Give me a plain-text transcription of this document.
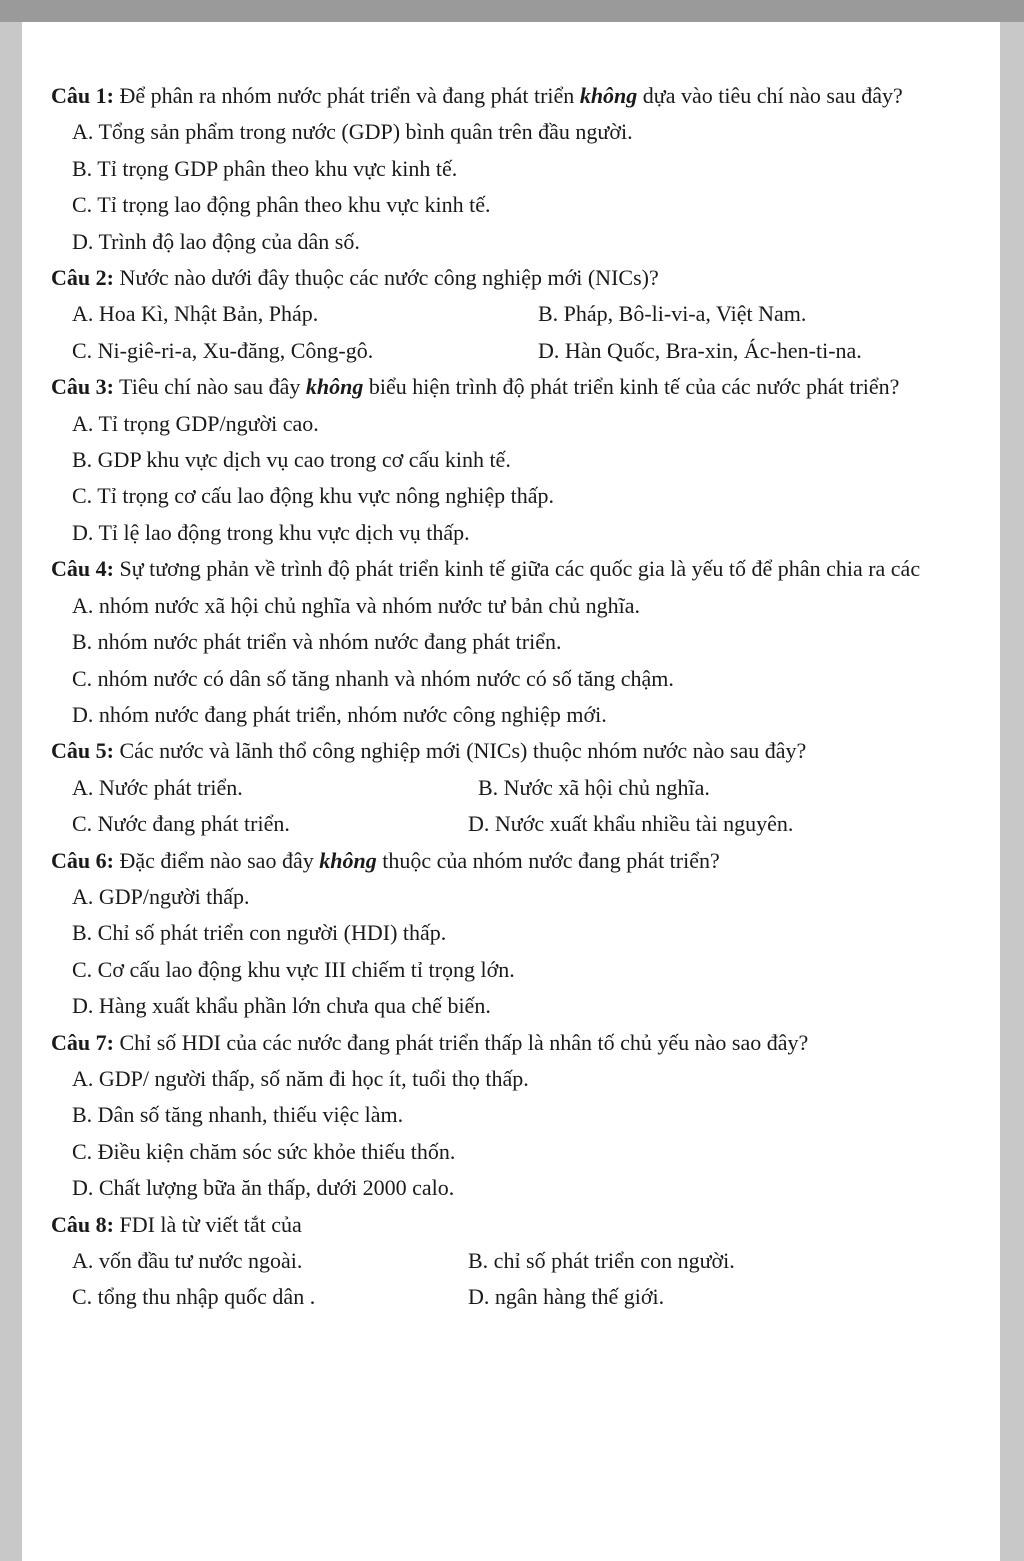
Câu 1: Để phân ra nhóm nước phát triển và đang phát triển không dựa vào tiêu chí nào sau đây?

A. Tổng sản phẩm trong nước (GDP) bình quân trên đầu người.

B. Tỉ trọng GDP phân theo khu vực kinh tế.

C. Tỉ trọng lao động phân theo khu vực kinh tế.

D. Trình độ lao động của dân số.

Câu 2: Nước nào dưới đây thuộc các nước công nghiệp mới (NICs)?

A. Hoa Kì, Nhật Bản, Pháp.	B. Pháp, Bô-li-vi-a, Việt Nam.
C. Ni-giê-ri-a, Xu-đăng, Công-gô.	D. Hàn Quốc, Bra-xin, Ác-hen-ti-na.

Câu 3: Tiêu chí nào sau đây không biểu hiện trình độ phát triển kinh tế của các nước phát triển?

A. Tỉ trọng GDP/người cao.

B. GDP khu vực dịch vụ cao trong cơ cấu kinh tế.

C. Tỉ trọng cơ cấu lao động khu vực nông nghiệp thấp.

D. Tỉ lệ lao động trong khu vực dịch vụ thấp.

Câu 4: Sự tương phản về trình độ phát triển kinh tế giữa các quốc gia là yếu tố để phân chia ra các

A. nhóm nước xã hội chủ nghĩa và nhóm nước tư bản chủ nghĩa.

B. nhóm nước phát triển và nhóm nước đang phát triển.

C. nhóm nước có dân số tăng nhanh và nhóm nước có số tăng chậm.

D. nhóm nước đang phát triển, nhóm nước công nghiệp mới.

Câu 5: Các nước và lãnh thổ công nghiệp mới (NICs) thuộc nhóm nước nào sau đây?

A. Nước phát triển.	B. Nước xã hội chủ nghĩa.
C. Nước đang phát triển.	D. Nước xuất khẩu nhiều tài nguyên.

Câu 6: Đặc điểm nào sao đây không thuộc của nhóm nước đang phát triển?

A. GDP/người thấp.

B. Chỉ số phát triển con người (HDI) thấp.

C. Cơ cấu lao động khu vực III chiếm tỉ trọng lớn.

D. Hàng xuất khẩu phần lớn chưa qua chế biến.

Câu 7: Chỉ số HDI của các nước đang phát triển thấp là nhân tố chủ yếu nào sao đây?

A. GDP/ người thấp, số năm đi học ít, tuổi thọ thấp.

B. Dân số tăng nhanh, thiếu việc làm.

C. Điều kiện chăm sóc sức khỏe thiếu thốn.

D. Chất lượng bữa ăn thấp, dưới 2000 calo.

Câu 8: FDI là từ viết tắt của

A. vốn đầu tư nước ngoài.	B. chỉ số phát triển con người.
C. tổng thu nhập quốc dân .	D. ngân hàng thế giới.
